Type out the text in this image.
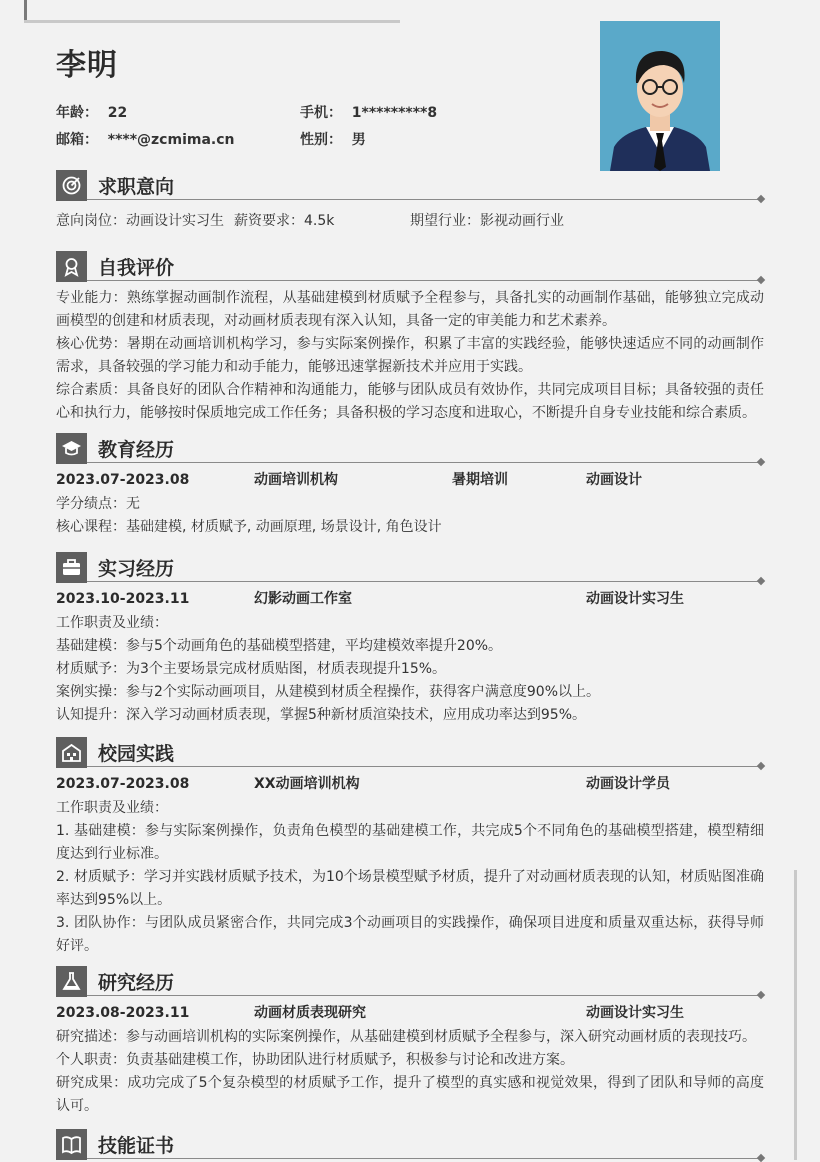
李明
年龄： 22	手机： 1*********8
邮箱： ****@zcmima.cn	性别： 男
求职意向
意向岗位：动画设计实习生 薪资要求：4.5k	期望行业：影视动画行业
自我评价

专业能力：熟练掌握动画制作流程，从基础建模到材质赋予全程参与，具备扎实的动画制作基础，能够独立完成动画模型的创建和材质表现，对动画材质表现有深入认知，具备一定的审美能力和艺术素养。

核心优势：暑期在动画培训机构学习，参与实际案例操作，积累了丰富的实践经验，能够快速适应不同的动画制作需求，具备较强的学习能力和动手能力，能够迅速掌握新技术并应用于实践。

综合素质：具备良好的团队合作精神和沟通能力，能够与团队成员有效协作，共同完成项目目标；具备较强的责任心和执行力，能够按时保质地完成工作任务；具备积极的学习态度和进取心，不断提升自身专业技能和综合素质。

教育经历
2023.07-2023.08	动画培训机构	暑期培训	动画设计

学分绩点：无

核心课程：基础建模, 材质赋予, 动画原理, 场景设计, 角色设计

实习经历
2023.10-2023.11	幻影动画工作室	动画设计实习生

工作职责及业绩：

基础建模：参与5个动画角色的基础模型搭建，平均建模效率提升20%。

材质赋予：为3个主要场景完成材质贴图，材质表现提升15%。

案例实操：参与2个实际动画项目，从建模到材质全程操作，获得客户满意度90%以上。

认知提升：深入学习动画材质表现，掌握5种新材质渲染技术，应用成功率达到95%。

校园实践
2023.07-2023.08	XX动画培训机构	动画设计学员

工作职责及业绩：

1. 基础建模：参与实际案例操作，负责角色模型的基础建模工作，共完成5个不同角色的基础模型搭建，模型精细度达到行业标准。

2. 材质赋予：学习并实践材质赋予技术，为10个场景模型赋予材质，提升了对动画材质表现的认知，材质贴图准确率达到95%以上。

3. 团队协作：与团队成员紧密合作，共同完成3个动画项目的实践操作，确保项目进度和质量双重达标，获得导师好评。

研究经历
2023.08-2023.11	动画材质表现研究	动画设计实习生

研究描述：参与动画培训机构的实际案例操作，从基础建模到材质赋予全程参与，深入研究动画材质的表现技巧。

个人职责：负责基础建模工作，协助团队进行材质赋予，积极参与讨论和改进方案。

研究成果：成功完成了5个复杂模型的材质赋予工作，提升了模型的真实感和视觉效果，得到了团队和导师的高度认可。

技能证书
